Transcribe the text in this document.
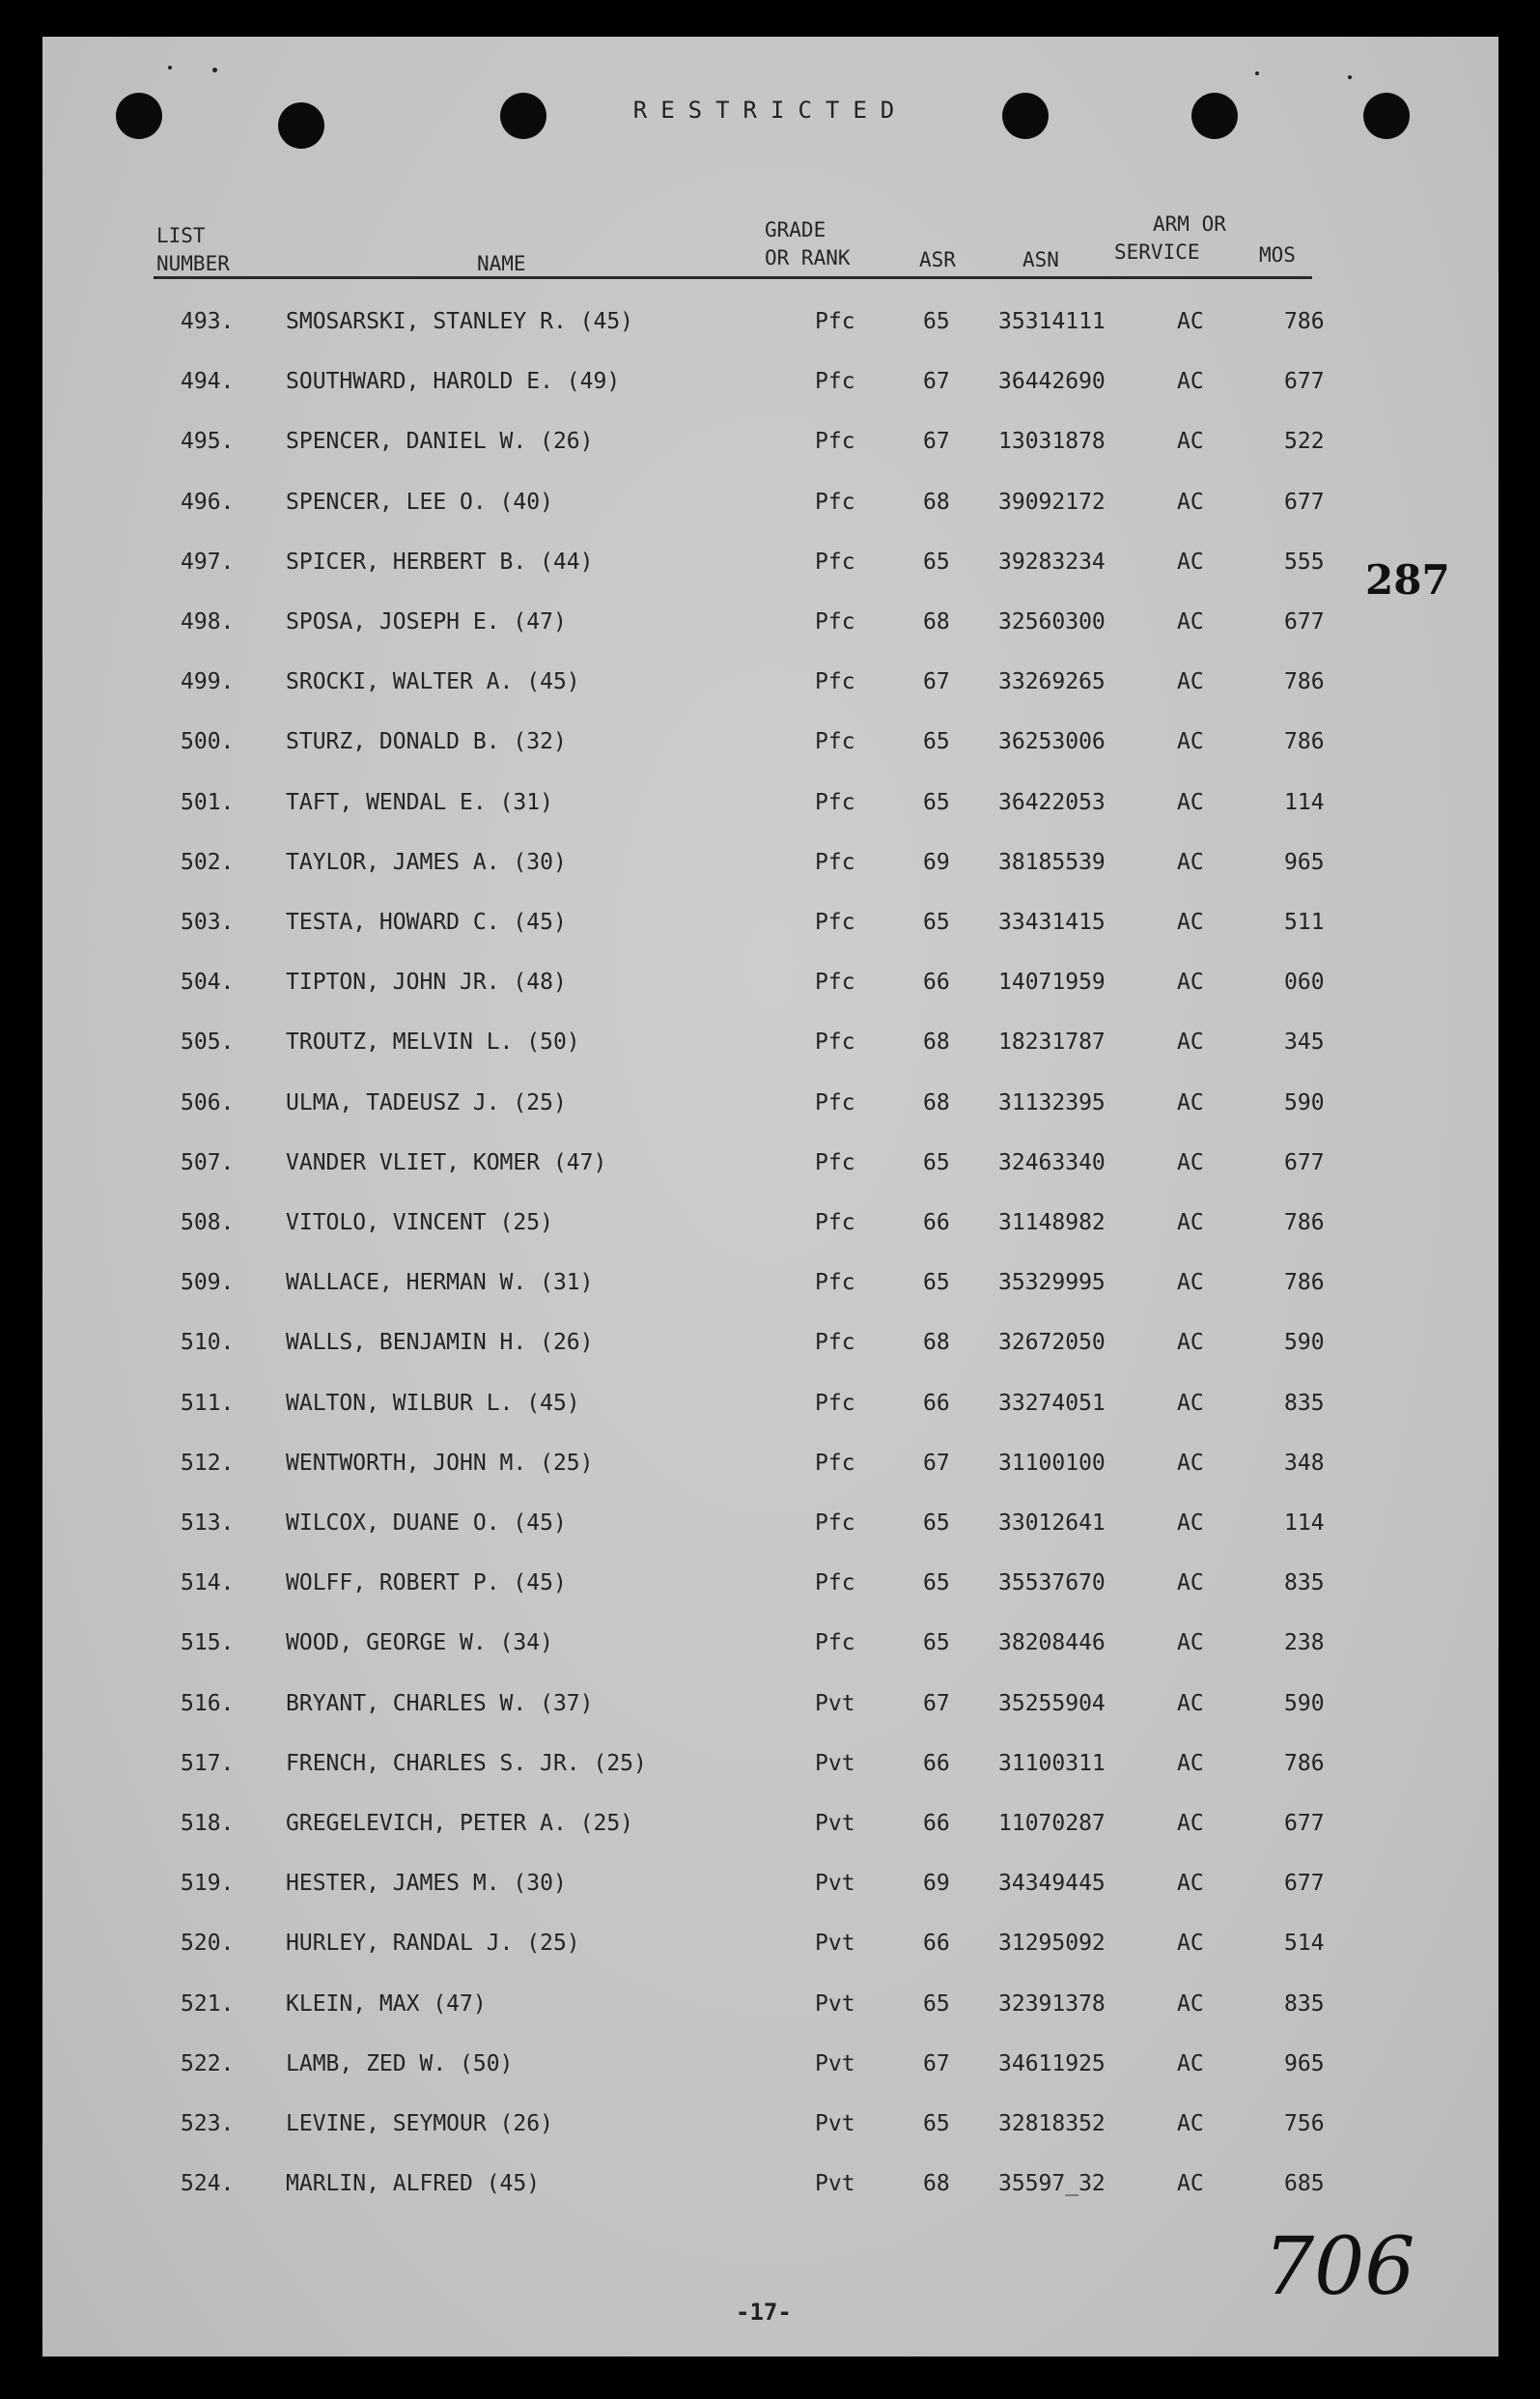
RESTRICTED
LIST
NUMBER	NAME
GRADE
OR RANK	ASR	ASN
ARM OR
SERVICE	MOS
493. SMOSARSKI, STANLEY R. (45)	Pfc	65 35314111	AC	786
494. SOUTHWARD, HAROLD E. (49)	Pfc	67 36442690	AC	677
495. SPENCER, DANIEL W. (26)	Pfc	67 13031878	AC	522
496. SPENCER, LEE O. (40)	Pfc	68 39092172	AC	677
497. SPICER, HERBERT B. (44)	Pfc	65 39283234	AC	555
498. SPOSA, JOSEPH E. (47)	Pfc	68 32560300	AC	677
499. SROCKI, WALTER A. (45)	Pfc	67 33269265	AC	786
500. STURZ, DONALD B. (32)	Pfc	65 36253006	AC	786
501. TAFT, WENDAL E. (31)	Pfc	65 36422053	AC	114
502. TAYLOR, JAMES A. (30)	Pfc	69 38185539	AC	965
503. TESTA, HOWARD C. (45)	Pfc	65 33431415	AC	511
504. TIPTON, JOHN JR. (48)	Pfc	66 14071959	AC	060
505. TROUTZ, MELVIN L. (50)	Pfc	68 18231787	AC	345
506. ULMA, TADEUSZ J. (25)	Pfc	68 31132395	AC	590
507. VANDER VLIET, KOMER (47)	Pfc	65 32463340	AC	677
508. VITOLO, VINCENT (25)	Pfc	66 31148982	AC	786
509. WALLACE, HERMAN W. (31)	Pfc	65 35329995	AC	786
510. WALLS, BENJAMIN H. (26)	Pfc	68 32672050	AC	590
511. WALTON, WILBUR L. (45)	Pfc	66 33274051	AC	835
512. WENTWORTH, JOHN M. (25)	Pfc	67 31100100	AC	348
513. WILCOX, DUANE O. (45)	Pfc	65 33012641	AC	114
514. WOLFF, ROBERT P. (45)	Pfc	65 35537670	AC	835
515. WOOD, GEORGE W. (34)	Pfc	65 38208446	AC	238
516. BRYANT, CHARLES W. (37)	Pvt	67 35255904	AC	590
517. FRENCH, CHARLES S. JR. (25)	Pvt	66 31100311	AC	786
518. GREGELEVICH, PETER A. (25)	Pvt	66 11070287	AC	677
519. HESTER, JAMES M. (30)	Pvt	69 34349445	AC	677
520. HURLEY, RANDAL J. (25)	Pvt	66 31295092	AC	514
521. KLEIN, MAX (47)	Pvt	65 32391378	AC	835
522. LAMB, ZED W. (50)	Pvt	67 34611925	AC	965
523. LEVINE, SEYMOUR (26)	Pvt	65 32818352	AC	756
524. MARLIN, ALFRED (45)	Pvt	68 35597_32	AC	685
287
-17-	706
